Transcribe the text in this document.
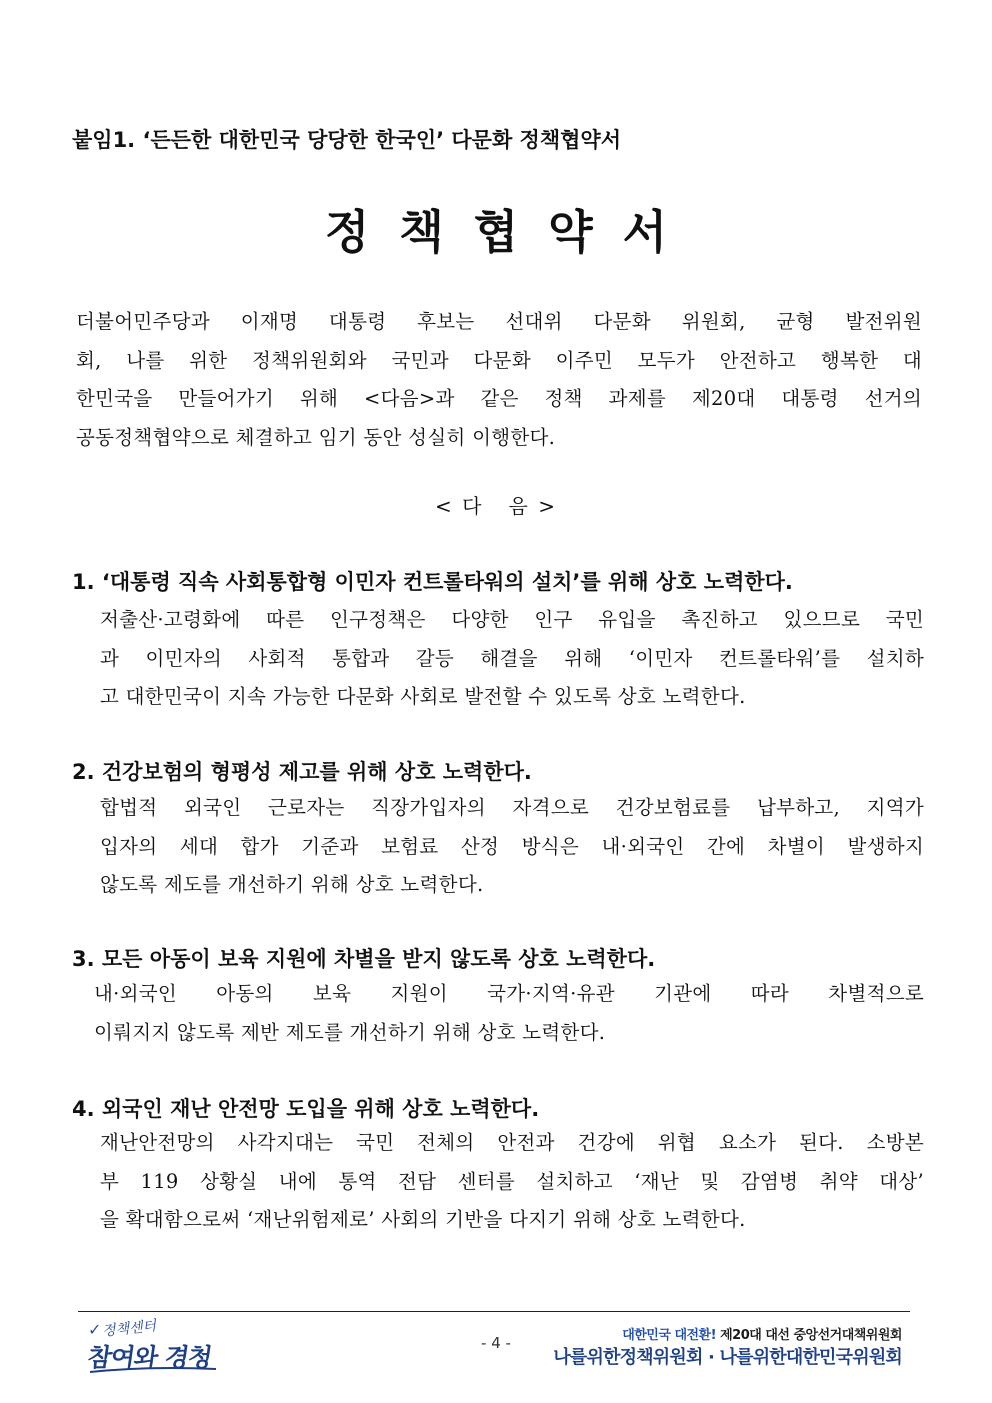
붙임1. ‘든든한 대한민국 당당한 한국인’ 다문화 정책협약서
정책협약서
더불어민주당과 이재명 대통령 후보는 선대위 다문화 위원회, 균형 발전위원
회, 나를 위한 정책위원회와 국민과 다문화 이주민 모두가 안전하고 행복한 대
한민국을 만들어가기 위해 <다음>과 같은 정책 과제를 제20대 대통령 선거의
공동정책협약으로 체결하고 임기 동안 성실히 이행한다.
< 다   음 >
1. ‘대통령 직속 사회통합형 이민자 컨트롤타워의 설치’를 위해 상호 노력한다.
저출산·고령화에 따른 인구정책은 다양한 인구 유입을 촉진하고 있으므로 국민
과 이민자의 사회적 통합과 갈등 해결을 위해 ‘이민자 컨트롤타워’를 설치하
고 대한민국이 지속 가능한 다문화 사회로 발전할 수 있도록 상호 노력한다.
2. 건강보험의 형평성 제고를 위해 상호 노력한다.
합법적 외국인 근로자는 직장가입자의 자격으로 건강보험료를 납부하고, 지역가
입자의 세대 합가 기준과 보험료 산정 방식은 내·외국인 간에 차별이 발생하지
않도록 제도를 개선하기 위해 상호 노력한다.
3. 모든 아동이 보육 지원에 차별을 받지 않도록 상호 노력한다.
내·외국인 아동의 보육 지원이 국가·지역·유관 기관에 따라 차별적으로
이뤄지지 않도록 제반 제도를 개선하기 위해 상호 노력한다.
4. 외국인 재난 안전망 도입을 위해 상호 노력한다.
재난안전망의 사각지대는 국민 전체의 안전과 건강에 위협 요소가 된다. 소방본
부 119 상황실 내에 통역 전담 센터를 설치하고 ‘재난 및 감염병 취약 대상’
을 확대함으로써 ‘재난위험제로’ 사회의 기반을 다지기 위해 상호 노력한다.
✓ 정책센터
참여와 경청	- 4 -	대한민국 대전환! 제20대 대선 중앙선거대책위원회
나를위한정책위원회 · 나를위한대한민국위원회
